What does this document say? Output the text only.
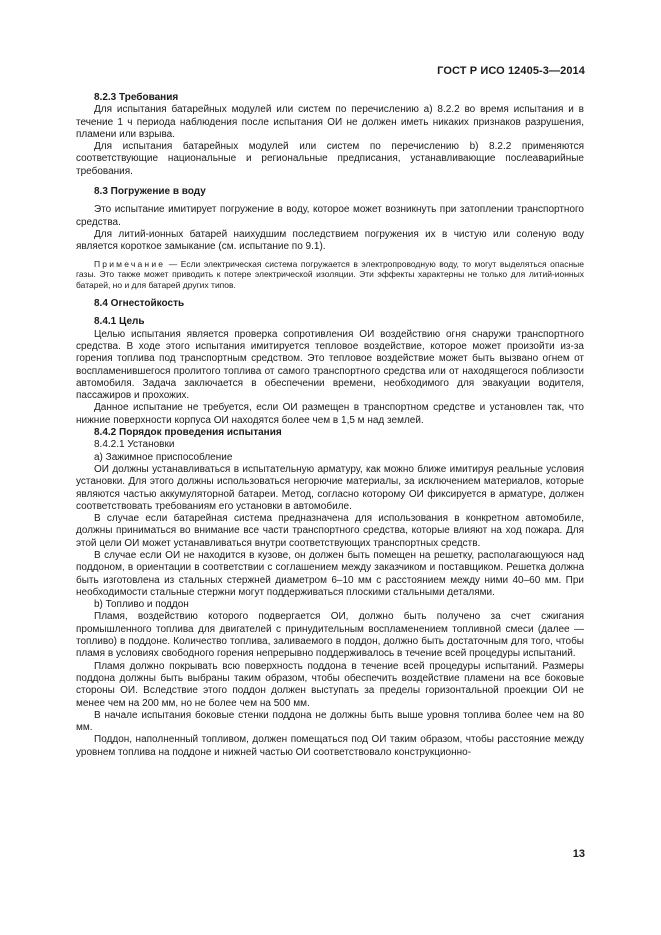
ГОСТ Р ИСО 12405-3—2014

8.2.3 Требования

Для испытания батарейных модулей или систем по перечислению а) 8.2.2 во время испытания и в течение 1 ч периода наблюдения после испытания ОИ не должен иметь никаких признаков разрушения, пламени или взрыва.

Для испытания батарейных модулей или систем по перечислению b) 8.2.2 применяются соответствующие национальные и региональные предписания, устанавливающие послеаварийные требования.

8.3 Погружение в воду

Это испытание имитирует погружение в воду, которое может возникнуть при затоплении транспортного средства.

Для литий-ионных батарей наихудшим последствием погружения их в чистую или соленую воду является короткое замыкание (см. испытание по 9.1).

Примечание — Если электрическая система погружается в электропроводную воду, то могут выделяться опасные газы. Это также может приводить к потере электрической изоляции. Эти эффекты характерны не только для литий-ионных батарей, но и для батарей других типов.

8.4 Огнестойкость

8.4.1 Цель

Целью испытания является проверка сопротивления ОИ воздействию огня снаружи транспортного средства. В ходе этого испытания имитируется тепловое воздействие, которое может произойти из-за горения топлива под транспортным средством. Это тепловое воздействие может быть вызвано огнем от воспламенившегося пролитого топлива от самого транспортного средства или от находящегося поблизости автомобиля. Задача заключается в обеспечении времени, необходимого для эвакуации водителя, пассажиров и прохожих.

Данное испытание не требуется, если ОИ размещен в транспортном средстве и установлен так, что нижние поверхности корпуса ОИ находятся более чем в 1,5 м над землей.

8.4.2 Порядок проведения испытания

8.4.2.1 Установки

а) Зажимное приспособление

ОИ должны устанавливаться в испытательную арматуру, как можно ближе имитируя реальные условия установки. Для этого должны использоваться негорючие материалы, за исключением материалов, которые являются частью аккумуляторной батареи. Метод, согласно которому ОИ фиксируется в арматуре, должен соответствовать требованиям его установки в автомобиле.

В случае если батарейная система предназначена для использования в конкретном автомобиле, должны приниматься во внимание все части транспортного средства, которые влияют на ход пожара. Для этой цели ОИ может устанавливаться внутри соответствующих транспортных средств.

В случае если ОИ не находится в кузове, он должен быть помещен на решетку, располагающуюся над поддоном, в ориентации в соответствии с соглашением между заказчиком и поставщиком. Решетка должна быть изготовлена из стальных стержней диаметром 6–10 мм с расстоянием между ними 40–60 мм. При необходимости стальные стержни могут поддерживаться плоскими стальными деталями.

b) Топливо и поддон

Пламя, воздействию которого подвергается ОИ, должно быть получено за счет сжигания промышленного топлива для двигателей с принудительным воспламенением топливной смеси (далее — топливо) в поддоне. Количество топлива, заливаемого в поддон, должно быть достаточным для того, чтобы пламя в условиях свободного горения непрерывно поддерживалось в течение всей процедуры испытаний.

Пламя должно покрывать всю поверхность поддона в течение всей процедуры испытаний. Размеры поддона должны быть выбраны таким образом, чтобы обеспечить воздействие пламени на все боковые стороны ОИ. Вследствие этого поддон должен выступать за пределы горизонтальной проекции ОИ не менее чем на 200 мм, но не более чем на 500 мм.

В начале испытания боковые стенки поддона не должны быть выше уровня топлива более чем на 80 мм.

Поддон, наполненный топливом, должен помещаться под ОИ таким образом, чтобы расстояние между уровнем топлива на поддоне и нижней частью ОИ соответствовало конструкционно-

13
